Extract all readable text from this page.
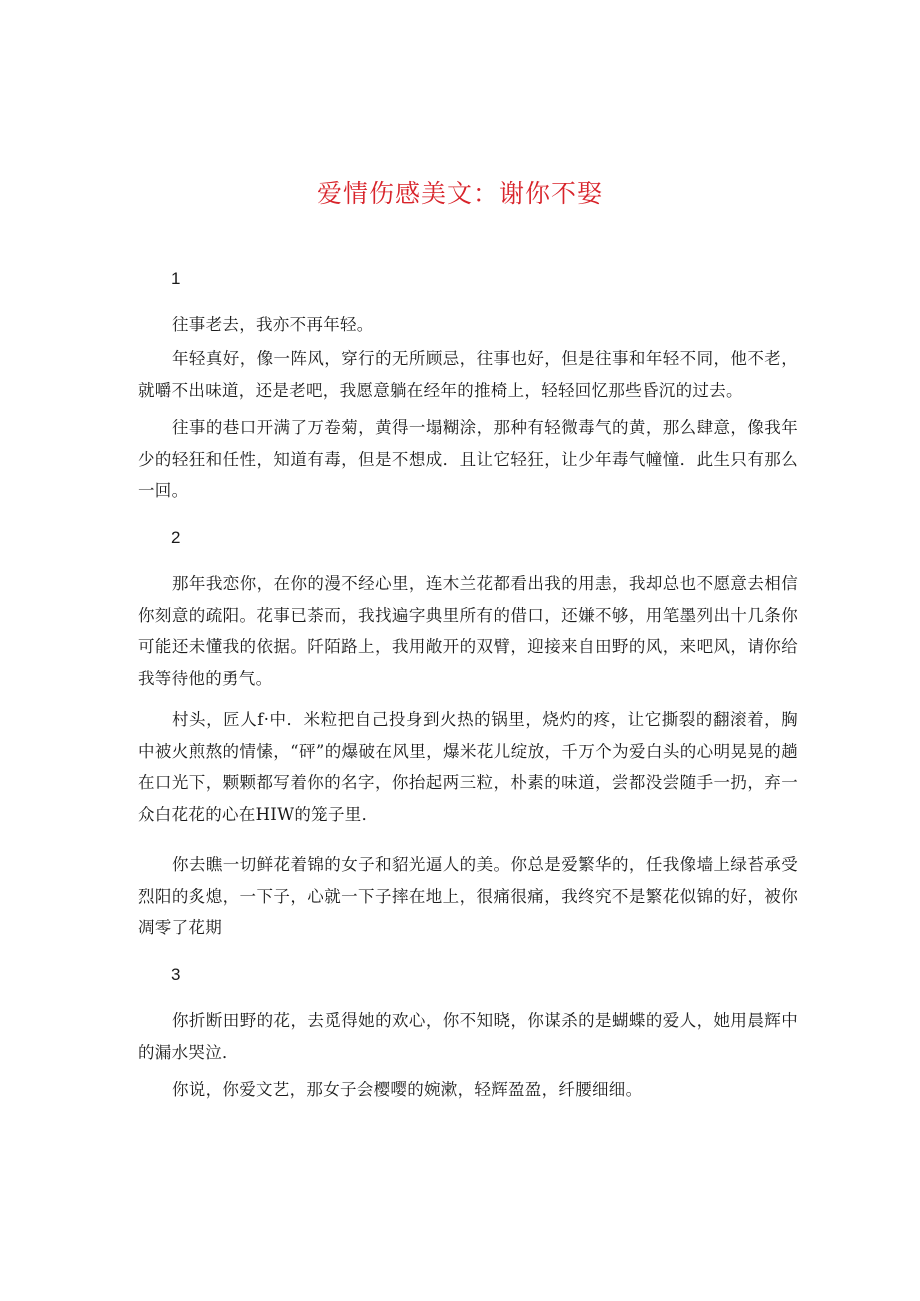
爱情伤感美文：谢你不娶
1
往事老去，我亦不再年轻。
年轻真好，像一阵风，穿行的无所顾忌，往事也好，但是往事和年轻不同，他不老，就嚼不出味道，还是老吧，我愿意躺在经年的推椅上，轻轻回忆那些昏沉的过去。
往事的巷口开满了万卷菊，黄得一塌糊涂，那种有轻微毒气的黄，那么肆意，像我年少的轻狂和任性，知道有毒，但是不想成．且让它轻狂，让少年毒气幢憧．此生只有那么一回。
2
那年我恋你，在你的漫不经心里，连木兰花都看出我的用恚，我却总也不愿意去相信你刻意的疏阳。花事已荼而，我找遍字典里所有的借口，还嫌不够，用笔墨列出十几条你可能还未懂我的依据。阡陌路上，我用敞开的双臂，迎接来自田野的风，来吧风，请你给我等待他的勇气。
村头，匠人f·中．米粒把自己投身到火热的锅里，烧灼的疼，让它撕裂的翻滚着，胸中被火煎熬的情愫，“砰”的爆破在风里，爆米花儿绽放，千万个为爱白头的心明晃晃的趟在口光下，颗颗都写着你的名字，你抬起两三粒，朴素的味道，尝都没尝随手一扔，弃一众白花花的心在HIW的笼子里．
你去瞧一切鲜花着锦的女子和貂光逼人的美。你总是爱繁华的，任我像墙上绿苔承受烈阳的炙熄，一下子，心就一下子摔在地上，很痛很痛，我终究不是繁花似锦的好，被你凋零了花期
3
你折断田野的花，去觅得她的欢心，你不知晓，你谋杀的是蝴蝶的爱人，她用晨辉中的漏水哭泣．
你说，你爱文艺，那女子会樱嘤的婉漱，轻辉盈盈，纤腰细细。
